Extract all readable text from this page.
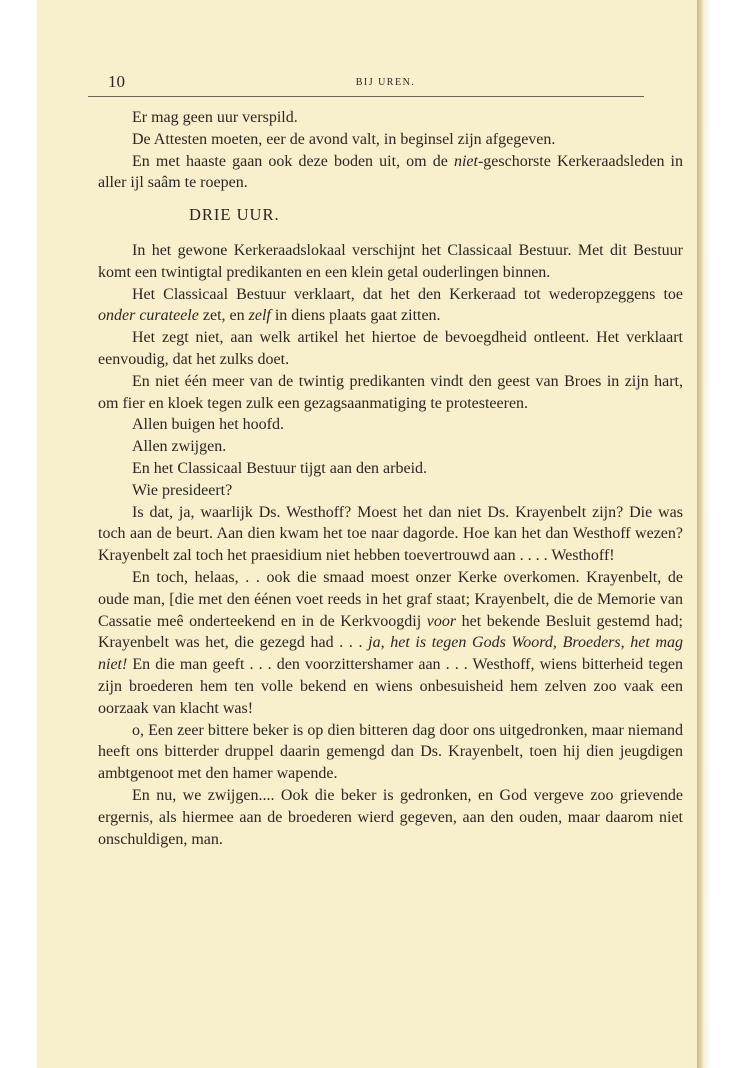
10	BIJ UREN.

Er mag geen uur verspild.

De Attesten moeten, eer de avond valt, in beginsel zijn afgegeven.

En met haaste gaan ook deze boden uit, om de niet-geschorste Kerkeraadsleden in aller ijl saâm te roepen.

DRIE UUR.

In het gewone Kerkeraadslokaal verschijnt het Classicaal Bestuur. Met dit Bestuur komt een twintigtal predikanten en een klein getal ouderlingen binnen.

Het Classicaal Bestuur verklaart, dat het den Kerkeraad tot wederopzeggens toe onder curateele zet, en zelf in diens plaats gaat zitten.

Het zegt niet, aan welk artikel het hiertoe de bevoegdheid ontleent. Het verklaart eenvoudig, dat het zulks doet.

En niet één meer van de twintig predikanten vindt den geest van Broes in zijn hart, om fier en kloek tegen zulk een gezagsaanmatiging te protesteeren.

Allen buigen het hoofd.

Allen zwijgen.

En het Classicaal Bestuur tijgt aan den arbeid.

Wie presideert?

Is dat, ja, waarlijk Ds. Westhoff? Moest het dan niet Ds. Krayenbelt zijn? Die was toch aan de beurt. Aan dien kwam het toe naar dagorde. Hoe kan het dan Westhoff wezen? Krayenbelt zal toch het praesidium niet hebben toevertrouwd aan . . . . Westhoff!

En toch, helaas, . . ook die smaad moest onzer Kerke overkomen. Krayenbelt, de oude man, [die met den éénen voet reeds in het graf staat; Krayenbelt, die de Memorie van Cassatie meê onderteekend en in de Kerkvoogdij voor het bekende Besluit gestemd had; Krayenbelt was het, die gezegd had . . . ja, het is tegen Gods Woord, Broeders, het mag niet! En die man geeft . . . den voorzittershamer aan . . . Westhoff, wiens bitterheid tegen zijn broederen hem ten volle bekend en wiens onbesuisheid hem zelven zoo vaak een oorzaak van klacht was!

o, Een zeer bittere beker is op dien bitteren dag door ons uitgedronken, maar niemand heeft ons bitterder druppel daarin gemengd dan Ds. Krayenbelt, toen hij dien jeugdigen ambtgenoot met den hamer wapende.

En nu, we zwijgen.... Ook die beker is gedronken, en God vergeve zoo grievende ergernis, als hiermee aan de broederen wierd gegeven, aan den ouden, maar daarom niet onschuldigen, man.
